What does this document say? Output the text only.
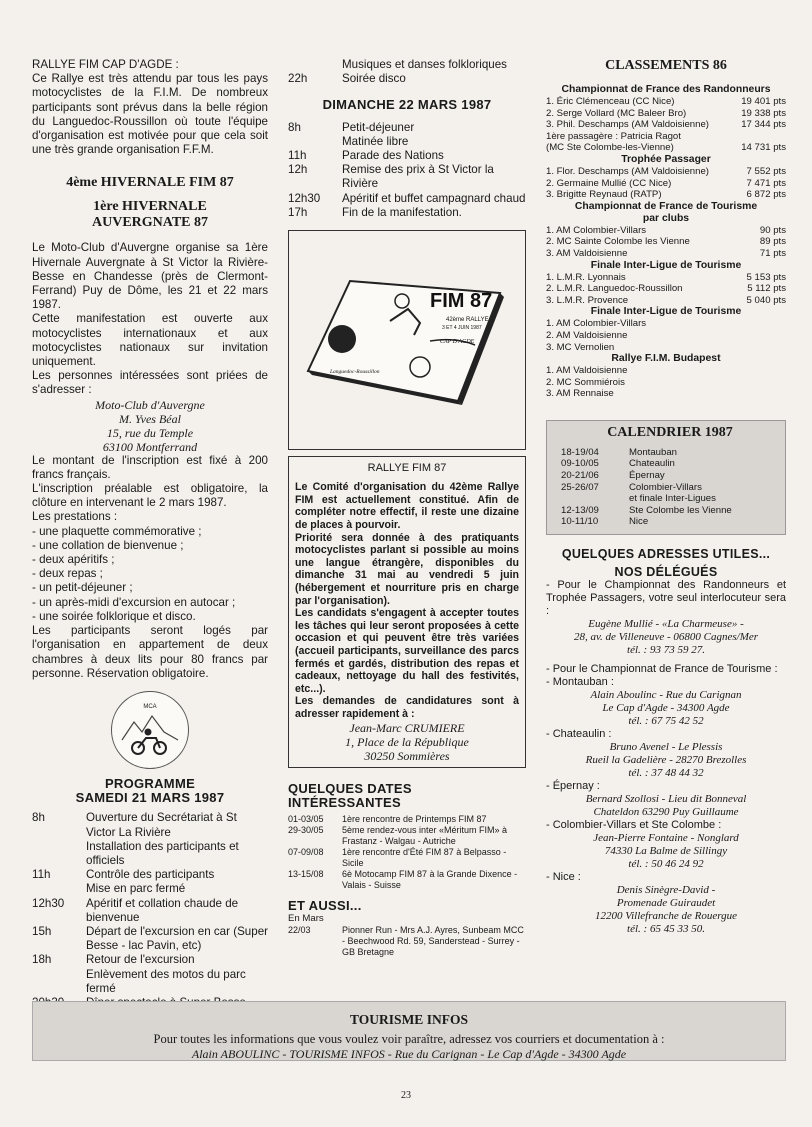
RALLYE FIM CAP D'AGDE :

Ce Rallye est très attendu par tous les pays motocyclistes de la F.I.M. De nombreux participants sont prévus dans la belle région du Languedoc-Roussillon où toute l'équipe d'organisation est motivée pour que cela soit une très grande organisation F.F.M.

4ème HIVERNALE FIM 87
1ère HIVERNALE
AUVERGNATE 87

Le Moto-Club d'Auvergne organise sa 1ère Hivernale Auvergnate à St Victor la Rivière-Besse en Chandesse (près de Clermont-Ferrand) Puy de Dôme, les 21 et 22 mars 1987.

Cette manifestation est ouverte aux motocyclistes internationaux et aux motocyclistes nationaux sur invitation uniquement.

Les personnes intéressées sont priées de s'adresser :

Moto-Club d'Auvergne
M. Yves Béal
15, rue du Temple
63100 Montferrand

Le montant de l'inscription est fixé à 200 francs français.

L'inscription préalable est obligatoire, la clôture en intervenant le 2 mars 1987.

Les prestations :
- une plaquette commémorative ;
- une collation de bienvenue ;
- deux apéritifs ;
- deux repas ;
- un petit-déjeuner ;
- un après-midi d'excursion en autocar ;
- une soirée folklorique et disco.

Les participants seront logés par l'organisation en appartement de deux chambres à deux lits pour 80 francs par personne. Réservation obligatoire.

MCA
PROGRAMME
SAMEDI 21 MARS 1987
8h	Ouverture du Secrétariat à St Victor La Rivière
Installation des participants et officiels
11h	Contrôle des participants
Mise en parc fermé
12h30	Apéritif et collation chaude de bienvenue
15h	Départ de l'excursion en car (Super Besse - lac Pavin, etc)
18h	Retour de l'excursion
Enlèvement des motos du parc fermé
Musiques et danses folkloriques
22h	Soirée disco
DIMANCHE 22 MARS 1987
8h	Petit-déjeuner
Matinée libre
11h	Parade des Nations
12h	Remise des prix à St Victor la Rivière
12h30	Apéritif et buffet campagnard chaud
17h	Fin de la manifestation.
FIM 87
42ème RALLYE
3 ET 4 JUIN 1987
CAP D'AGDE
Languedoc-Roussillon
RALLYE FIM 87

Le Comité d'organisation du 42ème Rallye FIM est actuellement constitué. Afin de compléter notre effectif, il reste une dizaine de places à pourvoir.

Priorité sera donnée à des pratiquants motocyclistes parlant si possible au moins une langue étrangère, disponibles du dimanche 31 mai au vendredi 5 juin (hébergement et nourriture pris en charge par l'organisation).

Les candidats s'engagent à accepter toutes les tâches qui leur seront proposées à cette occasion et qui peuvent être très variées (accueil participants, surveillance des parcs fermés et gardés, distribution des repas et cadeaux, nettoyage du hall des festivités, etc...).

Les demandes de candidatures sont à adresser rapidement à :

Jean-Marc CRUMIERE
1, Place de la République
30250 Sommières
QUELQUES DATES INTÉRESSANTES
01-03/05	1ère rencontre de Printemps FIM 87
29-30/05	5ème rendez-vous inter «Méritum FIM» à Frastanz - Walgau - Autriche
07-09/08	1ère rencontre d'Été FIM 87 à Belpasso - Sicile
13-15/08	6è Motocamp FIM 87 à la Grande Dixence - Valais - Suisse
ET AUSSI...
En Mars
22/03	Pionner Run - Mrs A.J. Ayres, Sunbeam MCC - Beechwood Rd. 59, Sanderstead - Surrey - GB Bretagne
CLASSEMENTS 86
Championnat de France des Randonneurs
1. Éric Clémenceau (CC Nice)	19 401 pts
2. Serge Vollard (MC Baleer Bro)	19 338 pts
3. Phil. Deschamps (AM Valdoisienne)	17 344 pts
1ère passagère : Patricia Ragot
(MC Ste Colombe-les-Vienne)	14 731 pts
Trophée Passager
1. Flor. Deschamps (AM Valdoisienne)	7 552 pts
2. Germaine Mullié (CC Nice)	7 471 pts
3. Brigitte Reynaud (RATP)	6 872 pts
Championnat de France de Tourisme
par clubs
1. AM Colombier-Villars	90 pts
2. MC Sainte Colombe les Vienne	89 pts
3. AM Valdoisienne	71 pts
Finale Inter-Ligue de Tourisme
1. L.M.R. Lyonnais	5 153 pts
2. L.M.R. Languedoc-Roussillon	5 112 pts
3. L.M.R. Provence	5 040 pts
Finale Inter-Ligue de Tourisme
1. AM Colombier-Villars
2. AM Valdoisienne
3. MC Vernolien
Rallye F.I.M. Budapest
1. AM Valdoisienne
2. MC Sommiérois
3. AM Rennaise
CALENDRIER 1987
18-19/04	Montauban
09-10/05	Chateaulin
20-21/06	Épernay
25-26/07	Colombier-Villars
et finale Inter-Ligues
12-13/09	Ste Colombe les Vienne
10-11/10	Nice
QUELQUES ADRESSES UTILES...
NOS DÉLÉGUÉS

- Pour le Championnat des Randonneurs et Trophée Passagers, votre seul interlocuteur sera :

Eugène Mullié - «La Charmeuse» -
28, av. de Villeneuve - 06800 Cagnes/Mer
tél. : 93 73 59 27.

- Pour le Championnat de France de Tourisme :

- Montauban :
Alain Aboulinc - Rue du Carignan
Le Cap d'Agde - 34300 Agde
tél. : 67 75 42 52
- Chateaulin :
Bruno Avenel - Le Plessis
Rueil la Gadelière - 28270 Brezolles
tél. : 37 48 44 32
- Épernay :
Bernard Szollosi - Lieu dit Bonneval
Chateldon 63290 Puy Guillaume
- Colombier-Villars et Ste Colombe :
Jean-Pierre Fontaine - Nonglard
74330 La Balme de Sillingy
tél. : 50 46 24 92
- Nice :
Denis Sinègre-David -
Promenade Guiraudet
12200 Villefranche de Rouergue
tél. : 65 45 33 50.
TOURISME INFOS
Pour toutes les informations que vous voulez voir paraître, adressez vos courriers et documentation à :
Alain ABOULINC - TOURISME INFOS - Rue du Carignan - Le Cap d'Agde - 34300 Agde
23
